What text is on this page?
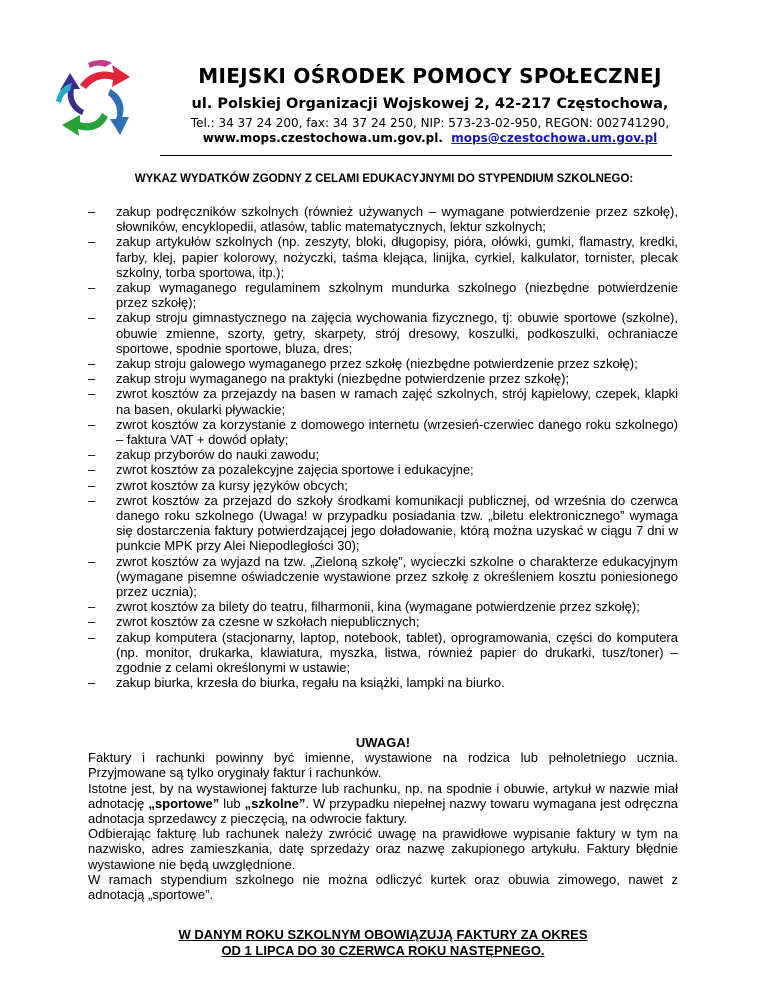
MIEJSKI OŚRODEK POMOCY SPOŁECZNEJ
ul. Polskiej Organizacji Wojskowej 2, 42-217 Częstochowa,
Tel.: 34 37 24 200, fax: 34 37 24 250, NIP: 573-23-02-950, REGON: 002741290,
www.mops.czestochowa.um.gov.pl. mops@czestochowa.um.gov.pl
WYKAZ WYDATKÓW ZGODNY Z CELAMI EDUKACYJNYMI DO STYPENDIUM SZKOLNEGO:
– zakup podręczników szkolnych (również używanych – wymagane potwierdzenie przez szkołę), słowników, encyklopedii, atlasów, tablic matematycznych, lektur szkolnych;
– zakup artykułów szkolnych (np. zeszyty, bloki, długopisy, pióra, ołówki, gumki, flamastry, kredki, farby, klej, papier kolorowy, nożyczki, taśma klejąca, linijka, cyrkiel, kalkulator, tornister, plecak szkolny, torba sportowa, itp.);
– zakup wymaganego regulaminem szkolnym mundurka szkolnego (niezbędne potwierdzenie przez szkołę);
– zakup stroju gimnastycznego na zajęcia wychowania fizycznego, tj: obuwie sportowe (szkolne), obuwie zmienne, szorty, getry, skarpety, strój dresowy, koszulki, podkoszulki, ochraniacze sportowe, spodnie sportowe, bluza, dres;
– zakup stroju galowego wymaganego przez szkołę (niezbędne potwierdzenie przez szkołę);
– zakup stroju wymaganego na praktyki (niezbędne potwierdzenie przez szkołę);
– zwrot kosztów za przejazdy na basen w ramach zajęć szkolnych, strój kąpielowy, czepek, klapki na basen, okularki pływackie;
– zwrot kosztów za korzystanie z domowego internetu (wrzesień-czerwiec danego roku szkolnego) – faktura VAT + dowód opłaty;
– zakup przyborów do nauki zawodu;
– zwrot kosztów za pozalekcyjne zajęcia sportowe i edukacyjne;
– zwrot kosztów za kursy języków obcych;
– zwrot kosztów za przejazd do szkoły środkami komunikacji publicznej, od września do czerwca danego roku szkolnego (Uwaga! w przypadku posiadania tzw. „biletu elektronicznego” wymaga się dostarczenia faktury potwierdzającej jego doładowanie, którą można uzyskać w ciągu 7 dni w punkcie MPK przy Alei Niepodległości 30);
– zwrot kosztów za wyjazd na tzw. „Zieloną szkołę”, wycieczki szkolne o charakterze edukacyjnym (wymagane pisemne oświadczenie wystawione przez szkołę z określeniem kosztu poniesionego przez ucznia);
– zwrot kosztów za bilety do teatru, filharmonii, kina (wymagane potwierdzenie przez szkołę);
– zwrot kosztów za czesne w szkołach niepublicznych;
– zakup komputera (stacjonarny, laptop, notebook, tablet), oprogramowania, części do komputera (np. monitor, drukarka, klawiatura, myszka, listwa, również papier do drukarki, tusz/toner) – zgodnie z celami określonymi w ustawie;
– zakup biurka, krzesła do biurka, regału na książki, lampki na biurko.
UWAGA!

Faktury i rachunki powinny być imienne, wystawione na rodzica lub pełnoletniego ucznia. Przyjmowane są tylko oryginały faktur i rachunków.

Istotne jest, by na wystawionej fakturze lub rachunku, np. na spodnie i obuwie, artykuł w nazwie miał adnotację „sportowe” lub „szkolne”. W przypadku niepełnej nazwy towaru wymagana jest odręczna adnotacja sprzedawcy z pieczęcią, na odwrocie faktury.

Odbierając fakturę lub rachunek należy zwrócić uwagę na prawidłowe wypisanie faktury w tym na nazwisko, adres zamieszkania, datę sprzedaży oraz nazwę zakupionego artykułu. Faktury błędnie wystawione nie będą uwzględnione.

W ramach stypendium szkolnego nie można odliczyć kurtek oraz obuwia zimowego, nawet z adnotacją „sportowe”.

W DANYM ROKU SZKOLNYM OBOWIĄZUJĄ FAKTURY ZA OKRES
OD 1 LIPCA DO 30 CZERWCA ROKU NASTĘPNEGO.
